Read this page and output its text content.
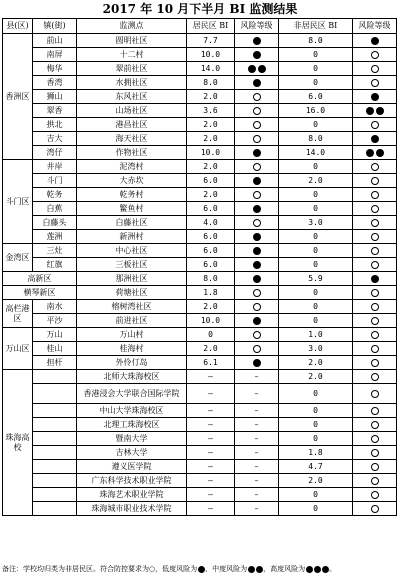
2017 年 10 月下半月 BI 监测结果
县(区)	镇(街)	监测点	居民区 BI	风险等级	非居民区 BI	风险等级
香洲区	前山	圆明社区	7.7		8.0	
	南屏	十二村	10.0		0	
	梅华	翠前社区	14.0		0	
	香湾	水拥社区	8.0		0	
	狮山	东风社区	2.0		6.0	
	翠香	山场社区	3.6		16.0	
	拱北	港昌社区	2.0		0	
	吉大	海天社区	2.0		8.0	
	湾仔	作物社区	10.0		14.0	
斗门区	井岸	泥湾村	2.0		0	
	斗门	大赤坎	6.0		2.0	
	乾务	乾务村	2.0		0	
	白蕉	鳘鱼村	6.0		0	
	白藤头	白藤社区	4.0		3.0	
	莲洲	新洲村	6.0		0	
金湾区	三灶	中心社区	6.0		0	
	红旗	三板社区	6.0		0	
高新区		那洲社区	8.0		5.9	
横琴新区		荷塘社区	1.8		0	
高栏港区	南水	榕树湾社区	2.0		0	
	平沙	前进社区	10.0		0	
万山区	万山	万山村	0		1.0	
	桂山	桂海村	2.0		3.0	
	担杆	外伶仃岛	6.1		2.0	
珠海高校		北师大珠海校区	–	–	2.0	
		香港浸会大学联合国际学院	–	–	0	
		中山大学珠海校区	–	–	0	
		北理工珠海校区	–	–	0	
		暨南大学	–	–	0	
		吉林大学	–	–	1.8	
		遵义医学院	–	–	4.7	
		广东科学技术职业学院	–	–	2.0	
		珠海艺术职业学院	–	–	0	
		珠海城市职业技术学院	–	–	0	
备注：学校均归类为非居民区。符合防控要求为○，低度风险为 ，中度风险为 ，高度风险为	。
